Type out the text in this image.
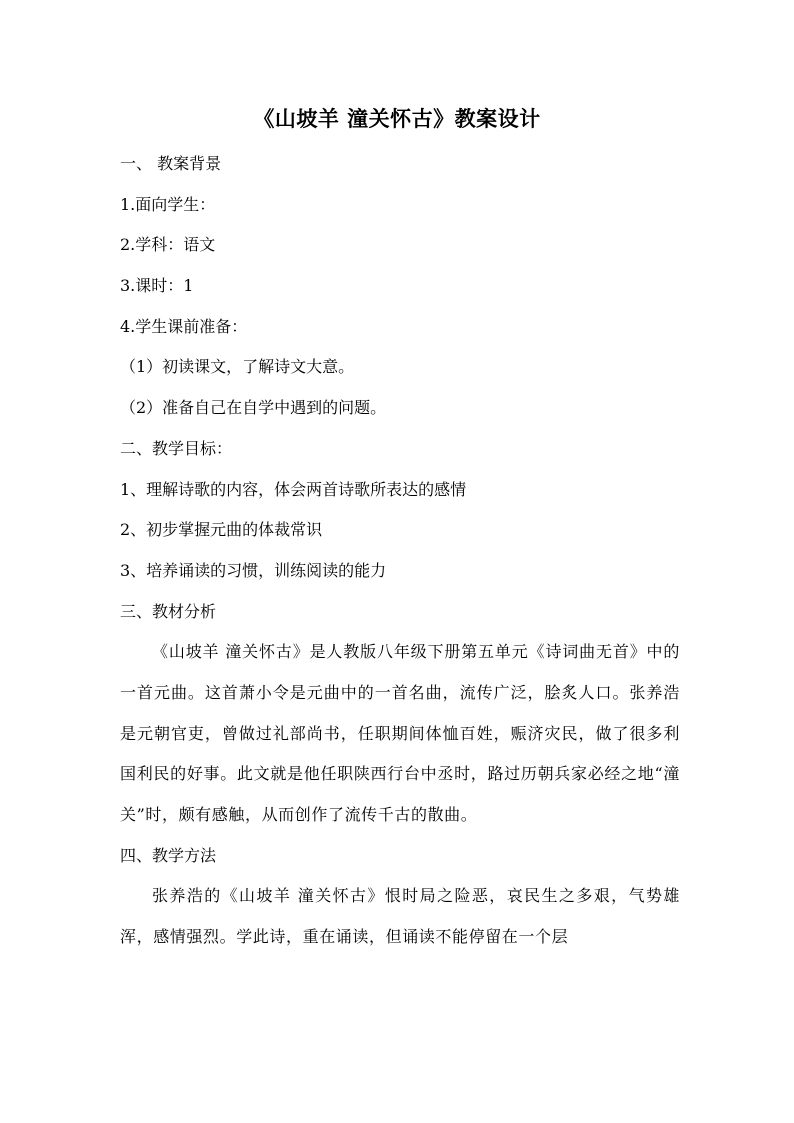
《山坡羊 潼关怀古》教案设计
一、 教案背景
1.面向学生：
2.学科：语文
3.课时：1
4.学生课前准备：
（1）初读课文，了解诗文大意。
（2）准备自己在自学中遇到的问题。
二、教学目标：
1、理解诗歌的内容，体会两首诗歌所表达的感情
2、初步掌握元曲的体裁常识
3、培养诵读的习惯，训练阅读的能力
三、教材分析
《山坡羊 潼关怀古》是人教版八年级下册第五单元《诗词曲无首》中的一首元曲。这首萧小令是元曲中的一首名曲，流传广泛，脍炙人口。张养浩是元朝官吏，曾做过礼部尚书，任职期间体恤百姓，赈济灾民，做了很多利国利民的好事。此文就是他任职陕西行台中丞时，路过历朝兵家必经之地“潼关”时，颇有感触，从而创作了流传千古的散曲。
四、教学方法
张养浩的《山坡羊 潼关怀古》恨时局之险恶，哀民生之多艰，气势雄浑，感情强烈。学此诗，重在诵读，但诵读不能停留在一个层
